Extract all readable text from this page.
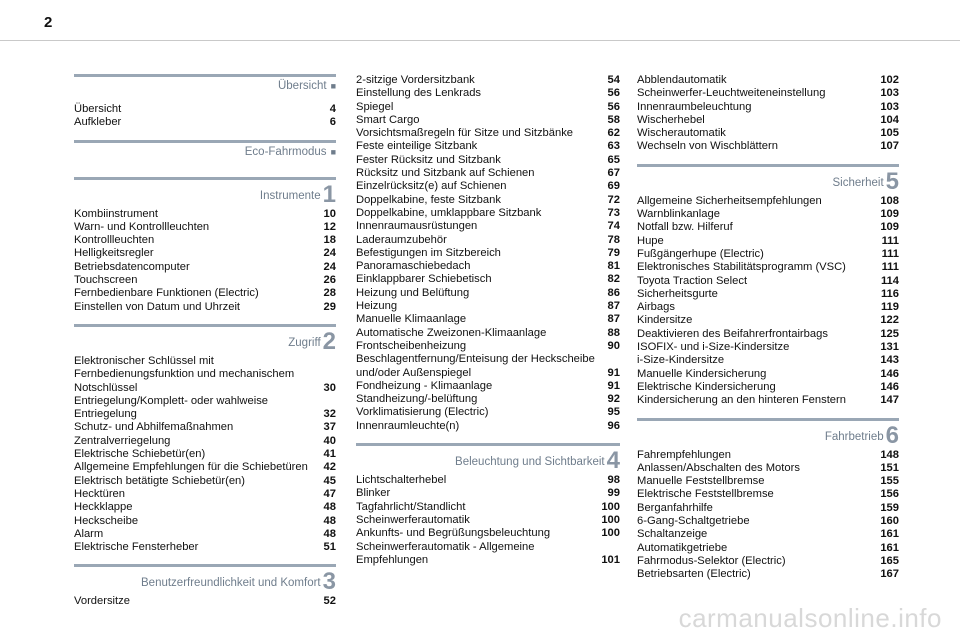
2
Übersicht ■
Übersicht	4
Aufkleber	6
Eco-Fahrmodus ■
Instrumente1
Kombiinstrument	10
Warn- und Kontrollleuchten	12
Kontrollleuchten	18
Helligkeitsregler	24
Betriebsdatencomputer	24
Touchscreen	26
Fernbedienbare Funktionen (Electric)	28
Einstellen von Datum und Uhrzeit	29
Zugriff2
Elektronischer Schlüssel mit Fernbedienungsfunktion und mechanischem Notschlüssel	30
Entriegelung/Komplett- oder wahlweise Entriegelung	32
Schutz- und Abhilfemaßnahmen	37
Zentralverriegelung	40
Elektrische Schiebetür(en)	41
Allgemeine Empfehlungen für die Schiebetüren	42
Elektrisch betätigte Schiebetür(en)	45
Hecktüren	47
Heckklappe	48
Heckscheibe	48
Alarm	48
Elektrische Fensterheber	51
Benutzerfreundlichkeit und Komfort3
Vordersitze	52
2-sitzige Vordersitzbank	54
Einstellung des Lenkrads	56
Spiegel	56
Smart Cargo	58
Vorsichtsmaßregeln für Sitze und Sitzbänke	62
Feste einteilige Sitzbank	63
Fester Rücksitz und Sitzbank	65
Rücksitz und Sitzbank auf Schienen	67
Einzelrücksitz(e) auf Schienen	69
Doppelkabine, feste Sitzbank	72
Doppelkabine, umklappbare Sitzbank	73
Innenraumausrüstungen	74
Laderaumzubehör	78
Befestigungen im Sitzbereich	79
Panoramaschiebedach	81
Einklappbarer Schiebetisch	82
Heizung und Belüftung	86
Heizung	87
Manuelle Klimaanlage	87
Automatische Zweizonen-Klimaanlage	88
Frontscheibenheizung	90
Beschlagentfernung/Enteisung der Heckscheibe und/oder Außenspiegel	91
Fondheizung - Klimaanlage	91
Standheizung/-belüftung	92
Vorklimatisierung (Electric)	95
Innenraumleuchte(n)	96
Beleuchtung und Sichtbarkeit4
Lichtschalterhebel	98
Blinker	99
Tagfahrlicht/Standlicht	100
Scheinwerferautomatik	100
Ankunfts- und Begrüßungsbeleuchtung	100
Scheinwerferautomatik - Allgemeine Empfehlungen	101
Abblendautomatik	102
Scheinwerfer-Leuchtweiteneinstellung	103
Innenraumbeleuchtung	103
Wischerhebel	104
Wischerautomatik	105
Wechseln von Wischblättern	107
Sicherheit5
Allgemeine Sicherheitsempfehlungen	108
Warnblinkanlage	109
Notfall bzw. Hilferuf	109
Hupe	111
Fußgängerhupe (Electric)	111
Elektronisches Stabilitätsprogramm (VSC)	111
Toyota Traction Select	114
Sicherheitsgurte	116
Airbags	119
Kindersitze	122
Deaktivieren des Beifahrerfrontairbags	125
ISOFIX- und i-Size-Kindersitze	131
i-Size-Kindersitze	143
Manuelle Kindersicherung	146
Elektrische Kindersicherung	146
Kindersicherung an den hinteren Fenstern	147
Fahrbetrieb6
Fahrempfehlungen	148
Anlassen/Abschalten des Motors	151
Manuelle Feststellbremse	155
Elektrische Feststellbremse	156
Berganfahrhilfe	159
6-Gang-Schaltgetriebe	160
Schaltanzeige	161
Automatikgetriebe	161
Fahrmodus-Selektor (Electric)	165
Betriebsarten (Electric)	167
carmanualsonline.info
